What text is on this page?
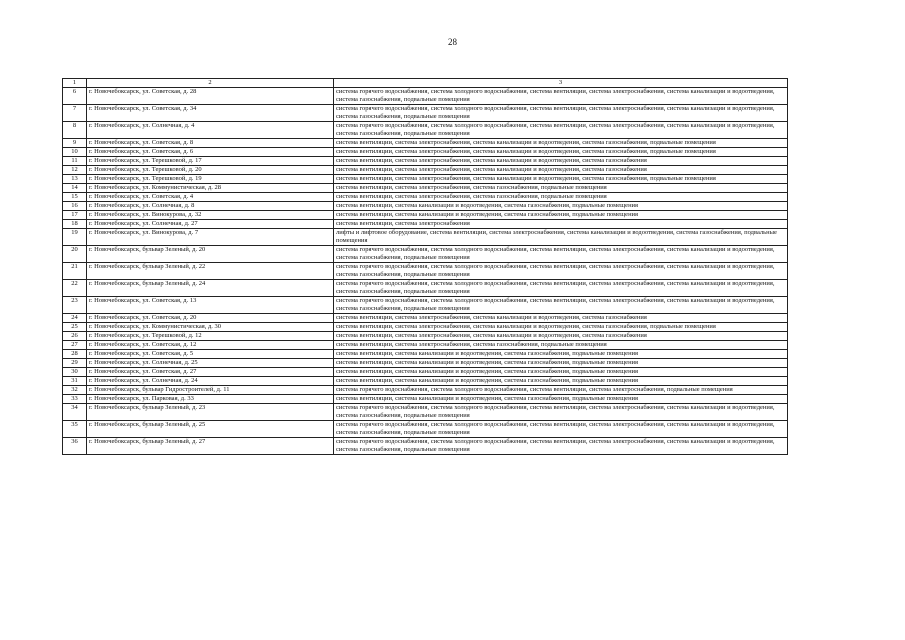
28
1	2	3
6	г. Новочебоксарск, ул. Советская, д. 28	система горячего водоснабжения, система холодного водоснабжения, система вентиляции, система электроснабжения, система канализации и водоотведения, система газоснабжения, подвальные помещения
7	г. Новочебоксарск, ул. Советская, д. 34	система горячего водоснабжения, система холодного водоснабжения, система вентиляции, система электроснабжения, система канализации и водоотведения, система газоснабжения, подвальные помещения
8	г. Новочебоксарск, ул. Солнечная, д. 4	система горячего водоснабжения, система холодного водоснабжения, система вентиляции, система электроснабжения, система канализации и водоотведения, система газоснабжения, подвальные помещения
9	г. Новочебоксарск, ул. Советская, д. 8	система вентиляции, система электроснабжения, система канализации и водоотведения, система газоснабжения, подвальные помещения
10	г. Новочебоксарск, ул. Советская, д. 6	система вентиляции, система электроснабжения, система канализации и водоотведения, система газоснабжения, подвальные помещения
11	г. Новочебоксарск, ул. Терешковой, д. 17	система вентиляции, система электроснабжения, система канализации и водоотведения, система газоснабжения
12	г. Новочебоксарск, ул. Терешковой, д. 20	система вентиляции, система электроснабжения, система канализации и водоотведения, система газоснабжения
13	г. Новочебоксарск, ул. Терешковой, д. 19	система вентиляции, система электроснабжения, система канализации и водоотведения, система газоснабжения, подвальные помещения
14	г. Новочебоксарск, ул. Коммунистическая, д. 28	система вентиляции, система электроснабжения, система газоснабжения, подвальные помещения
15	г. Новочебоксарск, ул. Советская, д. 4	система вентиляции, система электроснабжения, система газоснабжения, подвальные помещения
16	г. Новочебоксарск, ул. Солнечная, д. 8	система вентиляции, система канализации и водоотведения, система газоснабжения, подвальные помещения
17	г. Новочебоксарск, ул. Винокурова, д. 32	система вентиляции, система канализации и водоотведения, система газоснабжения, подвальные помещения
18	г. Новочебоксарск, ул. Солнечная, д. 27	система вентиляции, система электроснабжения
19	г. Новочебоксарск, ул. Винокурова, д. 7	лифты и лифтовое оборудование, система вентиляции, система электроснабжения, система канализации и водоотведения, система газоснабжения, подвальные помещения
20	г. Новочебоксарск, бульвар Зеленый, д. 20	система горячего водоснабжения, система холодного водоснабжения, система вентиляции, система электроснабжения, система канализации и водоотведения, система газоснабжения, подвальные помещения
21	г. Новочебоксарск, бульвар Зеленый, д. 22	система горячего водоснабжения, система холодного водоснабжения, система вентиляции, система электроснабжения, система канализации и водоотведения, система газоснабжения, подвальные помещения
22	г. Новочебоксарск, бульвар Зеленый, д. 24	система горячего водоснабжения, система холодного водоснабжения, система вентиляции, система электроснабжения, система канализации и водоотведения, система газоснабжения, подвальные помещения
23	г. Новочебоксарск, ул. Советская, д. 13	система горячего водоснабжения, система холодного водоснабжения, система вентиляции, система электроснабжения, система канализации и водоотведения, система газоснабжения, подвальные помещения
24	г. Новочебоксарск, ул. Советская, д. 20	система вентиляции, система электроснабжения, система канализации и водоотведения, система газоснабжения
25	г. Новочебоксарск, ул. Коммунистическая, д. 30	система вентиляции, система электроснабжения, система канализации и водоотведения, система газоснабжения, подвальные помещения
26	г. Новочебоксарск, ул. Терешковой, д. 12	система вентиляции, система электроснабжения, система канализации и водоотведения, система газоснабжения
27	г. Новочебоксарск, ул. Советская, д. 12	система вентиляции, система электроснабжения, система газоснабжения, подвальные помещения
28	г. Новочебоксарск, ул. Советская, д. 5	система вентиляции, система канализации и водоотведения, система газоснабжения, подвальные помещения
29	г. Новочебоксарск, ул. Солнечная, д. 25	система вентиляции, система канализации и водоотведения, система газоснабжения, подвальные помещения
30	г. Новочебоксарск, ул. Советская, д. 27	система вентиляции, система канализации и водоотведения, система газоснабжения, подвальные помещения
31	г. Новочебоксарск, ул. Солнечная, д. 24	система вентиляции, система канализации и водоотведения, система газоснабжения, подвальные помещения
32	г. Новочебоксарск, бульвар Гидростроителей, д. 11	система горячего водоснабжения, система холодного водоснабжения, система вентиляции, система электроснабжения, подвальные помещения
33	г. Новочебоксарск, ул. Парковая, д. 33	система вентиляции, система канализации и водоотведения, система газоснабжения, подвальные помещения
34	г. Новочебоксарск, бульвар Зеленый, д. 23	система горячего водоснабжения, система холодного водоснабжения, система вентиляции, система электроснабжения, система канализации и водоотведения, система газоснабжения, подвальные помещения
35	г. Новочебоксарск, бульвар Зеленый, д. 25	система горячего водоснабжения, система холодного водоснабжения, система вентиляции, система электроснабжения, система канализации и водоотведения, система газоснабжения, подвальные помещения
36	г. Новочебоксарск, бульвар Зеленый, д. 27	система горячего водоснабжения, система холодного водоснабжения, система вентиляции, система электроснабжения, система канализации и водоотведения, система газоснабжения, подвальные помещения
